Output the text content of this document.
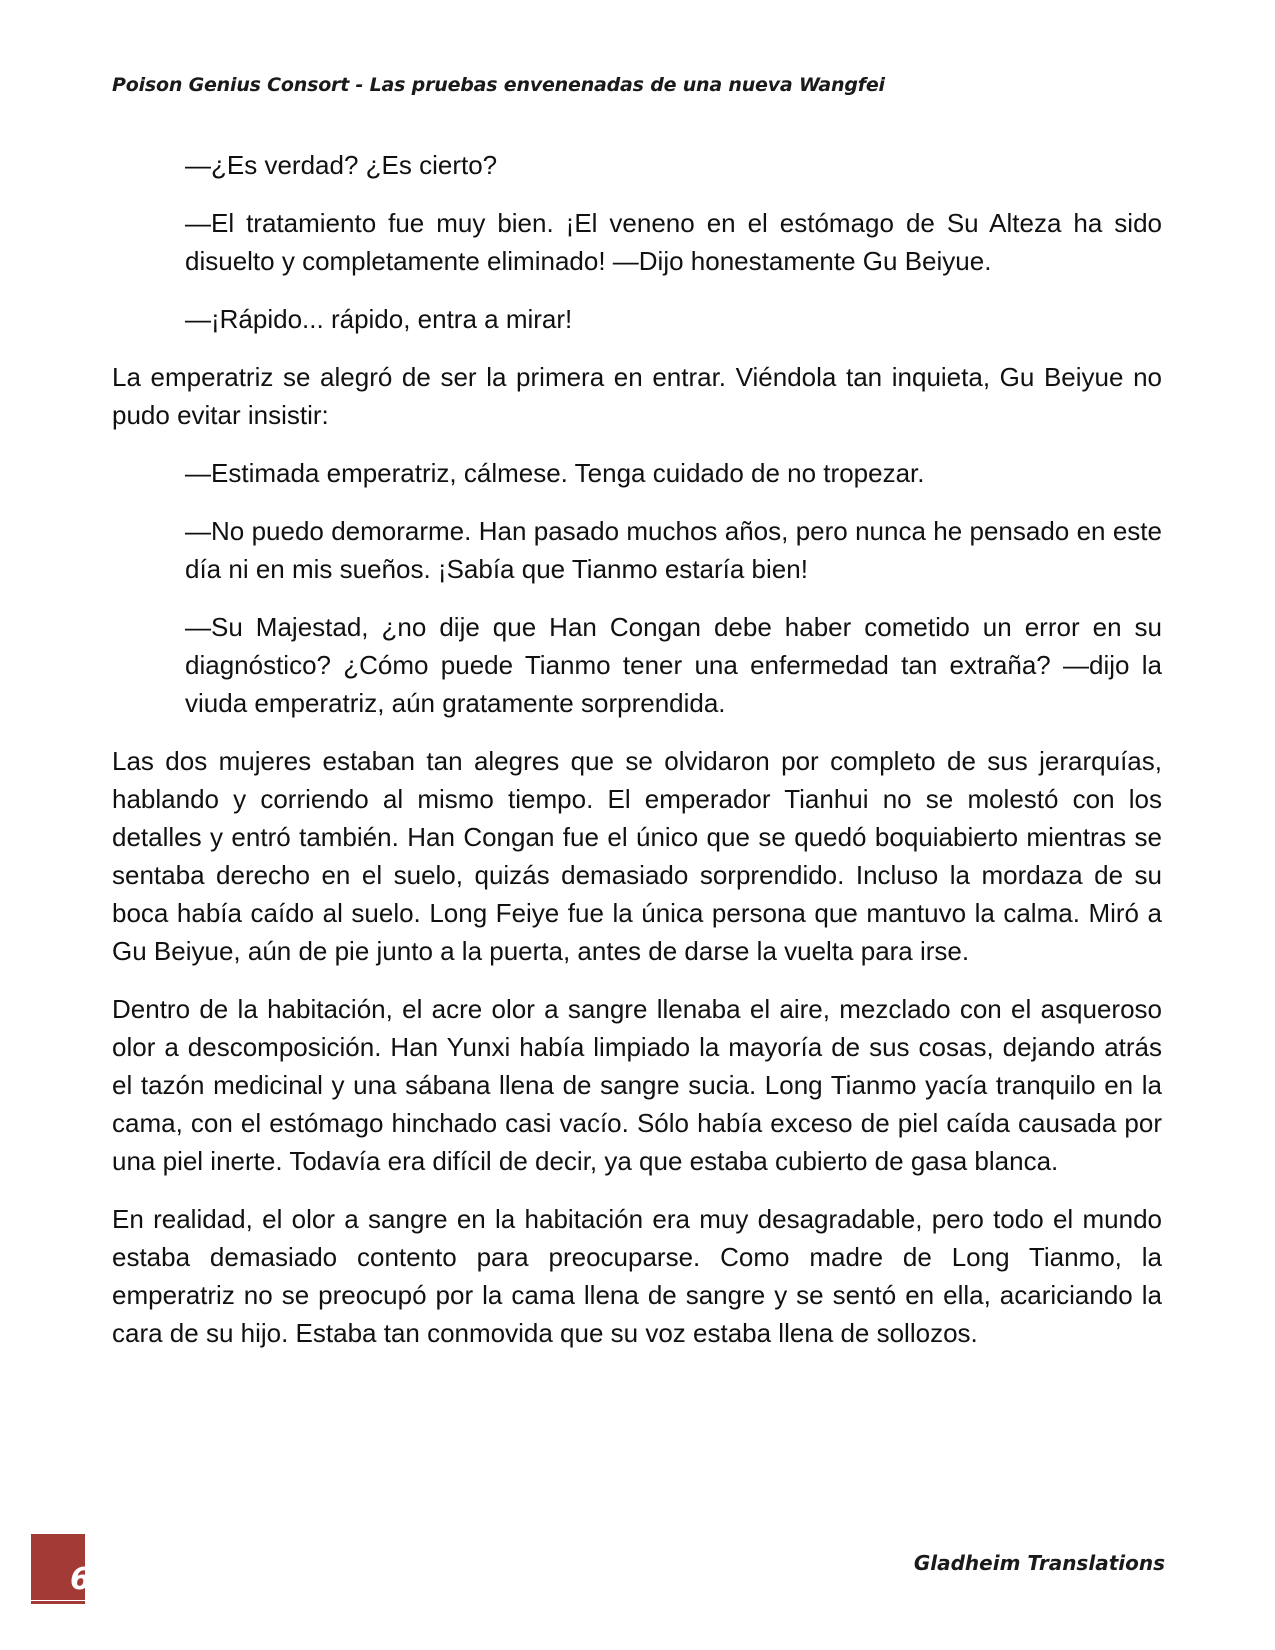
Poison Genius Consort - Las pruebas envenenadas de una nueva Wangfei

—¿Es verdad? ¿Es cierto?

—El tratamiento fue muy bien. ¡El veneno en el estómago de Su Alteza ha sido disuelto y completamente eliminado! —Dijo honestamente Gu Beiyue.

—¡Rápido... rápido, entra a mirar!

La emperatriz se alegró de ser la primera en entrar. Viéndola tan inquieta, Gu Beiyue no pudo evitar insistir:

—Estimada emperatriz, cálmese. Tenga cuidado de no tropezar.

—No puedo demorarme. Han pasado muchos años, pero nunca he pensado en este día ni en mis sueños. ¡Sabía que Tianmo estaría bien!

—Su Majestad, ¿no dije que Han Congan debe haber cometido un error en su diagnóstico? ¿Cómo puede Tianmo tener una enfermedad tan extraña? —dijo la viuda emperatriz, aún gratamente sorprendida.

Las dos mujeres estaban tan alegres que se olvidaron por completo de sus jerarquías, hablando y corriendo al mismo tiempo. El emperador Tianhui no se molestó con los detalles y entró también. Han Congan fue el único que se quedó boquiabierto mientras se sentaba derecho en el suelo, quizás demasiado sorprendido. Incluso la mordaza de su boca había caído al suelo. Long Feiye fue la única persona que mantuvo la calma. Miró a Gu Beiyue, aún de pie junto a la puerta, antes de darse la vuelta para irse.

Dentro de la habitación, el acre olor a sangre llenaba el aire, mezclado con el asqueroso olor a descomposición. Han Yunxi había limpiado la mayoría de sus cosas, dejando atrás el tazón medicinal y una sábana llena de sangre sucia. Long Tianmo yacía tranquilo en la cama, con el estómago hinchado casi vacío. Sólo había exceso de piel caída causada por una piel inerte. Todavía era difícil de decir, ya que estaba cubierto de gasa blanca.

En realidad, el olor a sangre en la habitación era muy desagradable, pero todo el mundo estaba demasiado contento para preocuparse. Como madre de Long Tianmo, la emperatriz no se preocupó por la cama llena de sangre y se sentó en ella, acariciando la cara de su hijo. Estaba tan conmovida que su voz estaba llena de sollozos.

6	Gladheim Translations
